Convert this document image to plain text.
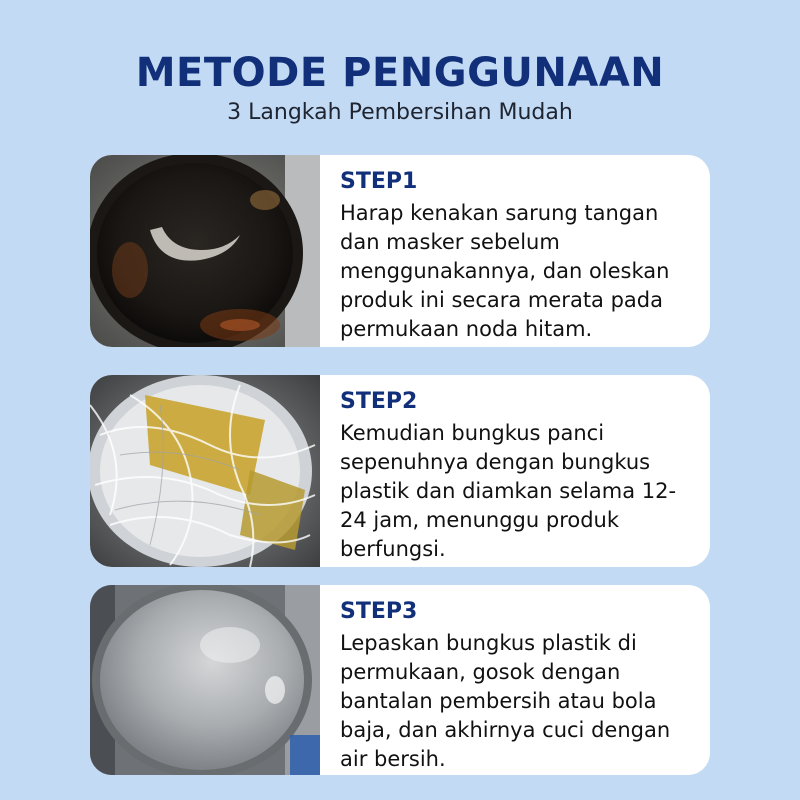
METODE PENGGUNAAN
3 Langkah Pembersihan Mudah
STEP1
Harap kenakan sarung tangan dan masker sebelum menggunakannya, dan oleskan produk ini secara merata pada permukaan noda hitam.
STEP2
Kemudian bungkus panci sepenuhnya dengan bungkus plastik dan diamkan selama 12-24 jam, menunggu produk berfungsi.
STEP3
Lepaskan bungkus plastik di permukaan, gosok dengan bantalan pembersih atau bola baja, dan akhirnya cuci dengan air bersih.
